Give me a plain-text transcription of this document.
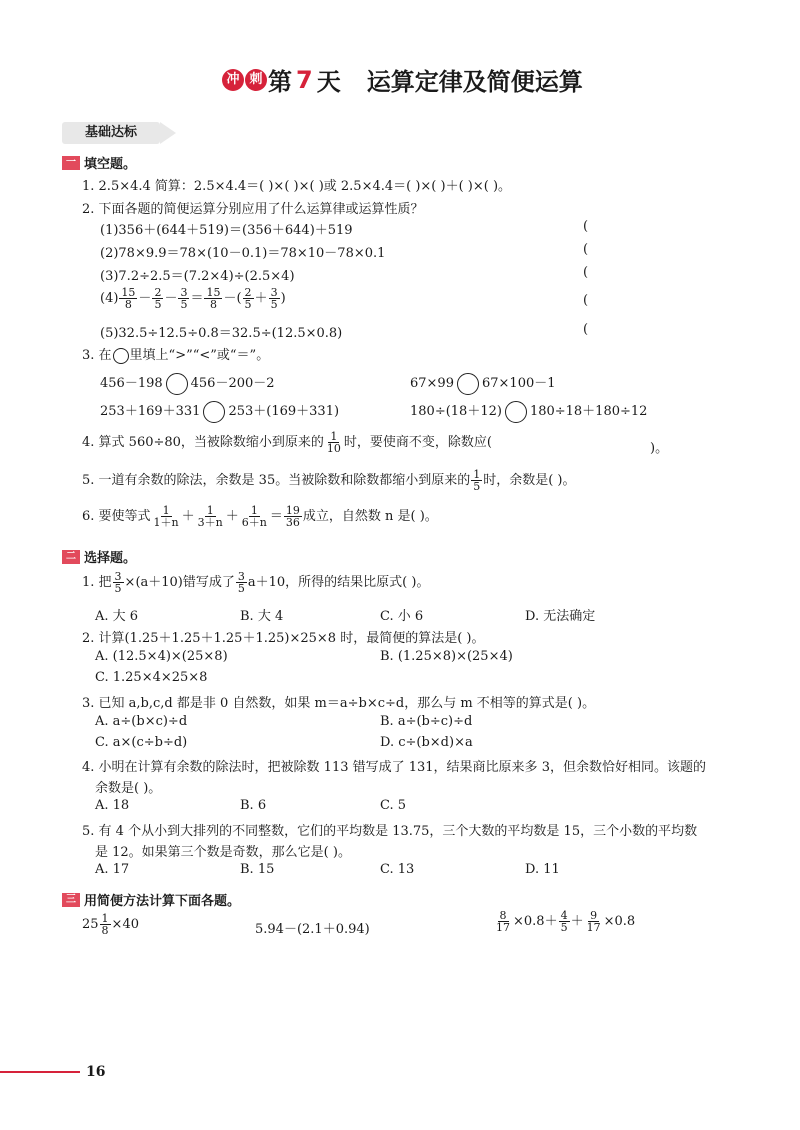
冲 刺 第 7 天 运算定律及简便运算
基础达标
一 填空题。
1. 2.5×4.4 简算：2.5×4.4＝( )×( )×( )或 2.5×4.4＝( )×( )＋( )×( )。
2. 下面各题的简便运算分别应用了什么运算律或运算性质？
(1)356＋(644＋519)＝(356＋644)＋519	(
(2)78×9.9＝78×(10－0.1)＝78×10－78×0.1	(
(3)7.2÷2.5＝(7.2×4)÷(2.5×4)	(
$(4) \frac{15}{8} - \frac{2}{5} - \frac{3}{5} = \frac{15}{8}$ －( $\frac{2}{5} + \frac{3}{5}$ )	(
(5)32.5÷12.5÷0.8＝32.5÷(12.5×0.8)	(
3. 在 里填上“>”“<”或“＝”。
456－198 456－200－2	67×99 67×100－1
253＋169＋331 253＋(169＋331)	180÷(18＋12) 180÷18＋180÷12
4. 算式 560÷80，当被除数缩小到原来的 $\frac{1}{10}$ 时，要使商不变，除数应(	)。
5. 一道有余数的除法，余数是 35。当被除数和除数都缩小到原来的 $\frac{1}{5}$ 时，余数是( )。
6. 要使等式 $\frac{1}{1+n} + \frac{1}{3+n} + \frac{1}{6+n} = \frac{19}{36}$ 成立，自然数 n 是( )。
二 选择题。
1. 把 $\frac{3}{5} \times(a+10)$错写成了 $\frac{3}{5} a+10$，所得的结果比原式( )。
A. 大 6	B. 大 4	C. 小 6	D. 无法确定
2. 计算(1.25＋1.25＋1.25＋1.25)×25×8 时，最简便的算法是( )。
A. (12.5×4)×(25×8)	B. (1.25×8)×(25×4)
C. 1.25×4×25×8
3. 已知 a,b,c,d 都是非 0 自然数，如果 m＝a÷b×c÷d，那么与 m 不相等的算式是( )。
A. a÷(b×c)÷d	B. a÷(b÷c)÷d
C. a×(c÷b÷d)	D. c÷(b×d)×a
4. 小明在计算有余数的除法时，把被除数 113 错写成了 131，结果商比原来多 3，但余数恰好相同。该题的
余数是( )。
A. 18	B. 6	C. 5
5. 有 4 个从小到大排列的不同整数，它们的平均数是 13.75，三个大数的平均数是 15，三个小数的平均数
是 12。如果第三个数是奇数，那么它是( )。
A. 17	B. 15	C. 13	D. 11
三 用简便方法计算下面各题。
$25 \frac{1}{8} \times 40$	5.94－(2.1＋0.94)	$\frac{8}{17} \times 0.8+ \frac{4}{5} + \frac{9}{17} \times 0.8$
16
